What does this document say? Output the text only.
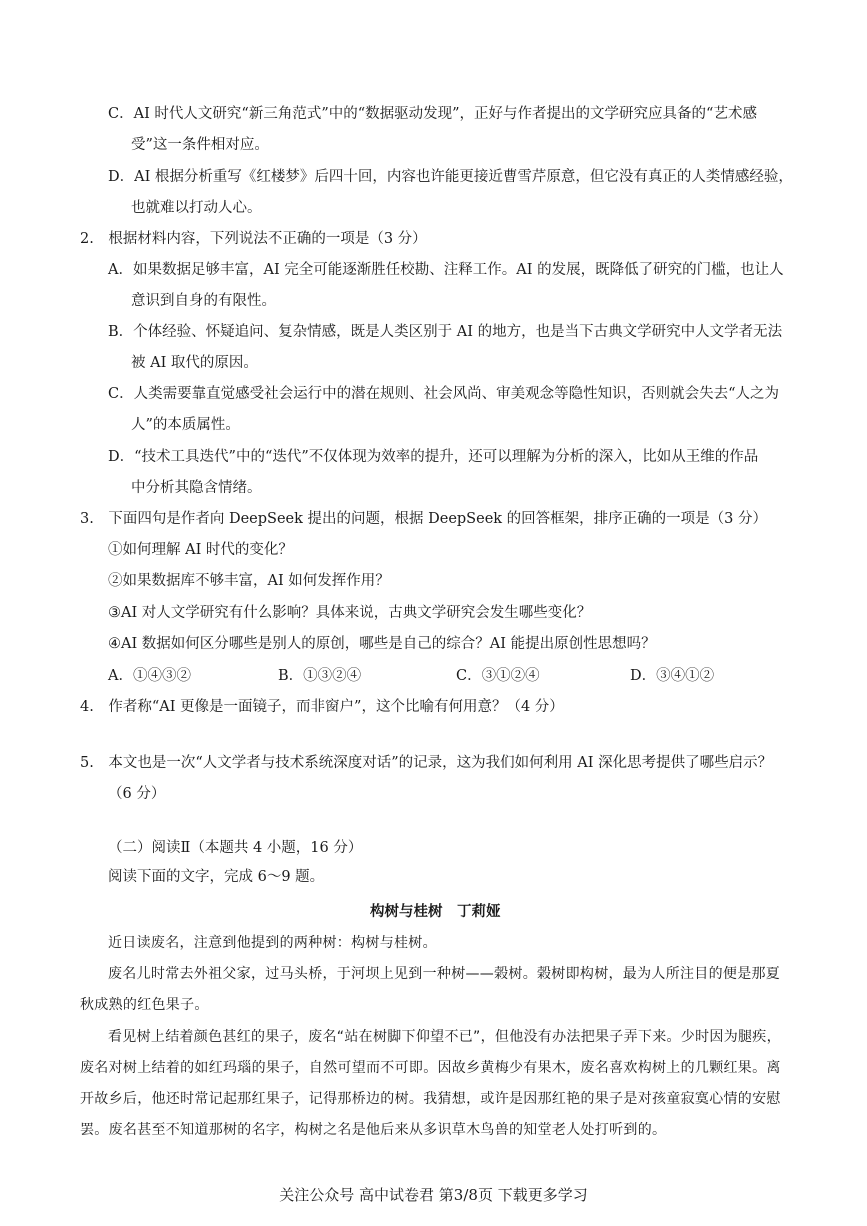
C．AI 时代人文研究“新三角范式”中的“数据驱动发现”，正好与作者提出的文学研究应具备的“艺术感
受”这一条件相对应。
D．AI 根据分析重写《红楼梦》后四十回，内容也许能更接近曹雪芹原意，但它没有真正的人类情感经验，
也就难以打动人心。
2.　根据材料内容，下列说法不正确的一项是（3 分）
A．如果数据足够丰富，AI 完全可能逐渐胜任校勘、注释工作。AI 的发展，既降低了研究的门槛，也让人
意识到自身的有限性。
B．个体经验、怀疑追问、复杂情感，既是人类区别于 AI 的地方，也是当下古典文学研究中人文学者无法
被 AI 取代的原因。
C．人类需要靠直觉感受社会运行中的潜在规则、社会风尚、审美观念等隐性知识，否则就会失去“人之为
人”的本质属性。
D．“技术工具迭代”中的“迭代”不仅体现为效率的提升，还可以理解为分析的深入，比如从王维的作品
中分析其隐含情绪。
3.　下面四句是作者向 DeepSeek 提出的问题，根据 DeepSeek 的回答框架，排序正确的一项是（3 分）
①如何理解 AI 时代的变化？
②如果数据库不够丰富，AI 如何发挥作用？
③AI 对人文学研究有什么影响？具体来说，古典文学研究会发生哪些变化？
④AI 数据如何区分哪些是别人的原创，哪些是自己的综合？AI 能提出原创性思想吗？
A．①④③②	B．①③②④	C．③①②④	D．③④①②
4.　作者称“AI 更像是一面镜子，而非窗户”，这个比喻有何用意？（4 分）
5.　本文也是一次“人文学者与技术系统深度对话”的记录，这为我们如何利用 AI 深化思考提供了哪些启示？
（6 分）
（二）阅读Ⅱ（本题共 4 小题，16 分）
阅读下面的文字，完成 6～9 题。
构树与桂树　丁莉娅
近日读废名，注意到他提到的两种树：构树与桂树。
废名儿时常去外祖父家，过马头桥，于河坝上见到一种树——榖树。榖树即构树，最为人所注目的便是那夏
秋成熟的红色果子。
看见树上结着颜色甚红的果子，废名“站在树脚下仰望不已”，但他没有办法把果子弄下来。少时因为腿疾，
废名对树上结着的如红玛瑙的果子，自然可望而不可即。因故乡黄梅少有果木，废名喜欢构树上的几颗红果。离
开故乡后，他还时常记起那红果子，记得那桥边的树。我猜想，或许是因那红艳的果子是对孩童寂寞心情的安慰
罢。废名甚至不知道那树的名字，构树之名是他后来从多识草木鸟兽的知堂老人处打听到的。
关注公众号 高中试卷君 第3/8页 下载更多学习
